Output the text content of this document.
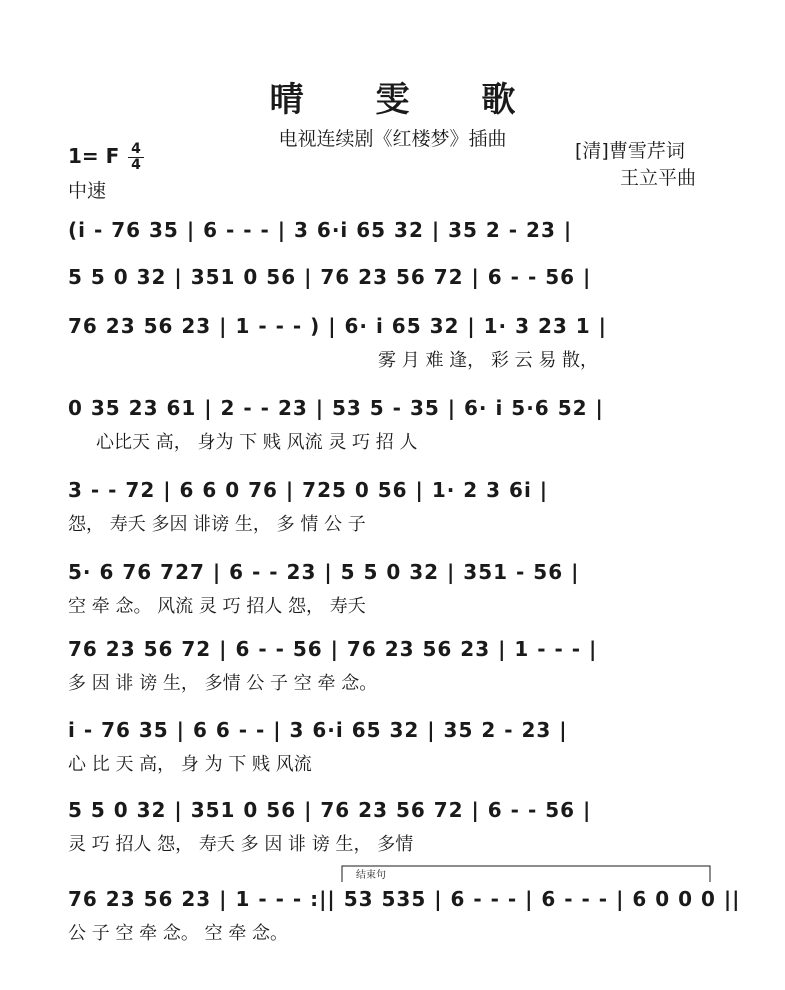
晴 雯 歌
电视连续剧《红楼梦》插曲
1= F 4
4
中速
[清]曹雪芹词
王立平曲
(i - 76 35 | 6 - - - | 3 6·i 65 32 | 35 2 - 23 |
5 5 0 32 | 351 0 56 | 76 23 56 72 | 6 - - 56 |
76 23 56 23 | 1 - - - ) | 6· i 65 32 | 1· 3 23 1 |
雾 月 难 逢， 彩 云 易 散，
0 35 23 61 | 2 - - 23 | 53 5 - 35 | 6· i 5·6 52 |
心比天 高， 身为 下 贱 风流 灵 巧 招 人
3 - - 72 | 6 6 0 76 | 725 0 56 | 1· 2 3 6i |
怨， 寿夭 多因 诽谤 生， 多 情 公 子
5· 6 76 727 | 6 - - 23 | 5 5 0 32 | 351 - 56 |
空 牵 念。 风流 灵 巧 招人 怨， 寿夭
76 23 56 72 | 6 - - 56 | 76 23 56 23 | 1 - - - |
多 因 诽 谤 生， 多情 公 子 空 牵 念。
i - 76 35 | 6 6 - - | 3 6·i 65 32 | 35 2 - 23 |
心 比 天 高， 身 为 下 贱 风流
5 5 0 32 | 351 0 56 | 76 23 56 72 | 6 - - 56 |
灵 巧 招人 怨， 寿夭 多 因 诽 谤 生， 多情
76 23 56 23 | 1 - - - :|| 53 535 | 6 - - - | 6 - - - | 6 0 0 0 ||
公 子 空 牵 念。 空 牵 念。
结束句
